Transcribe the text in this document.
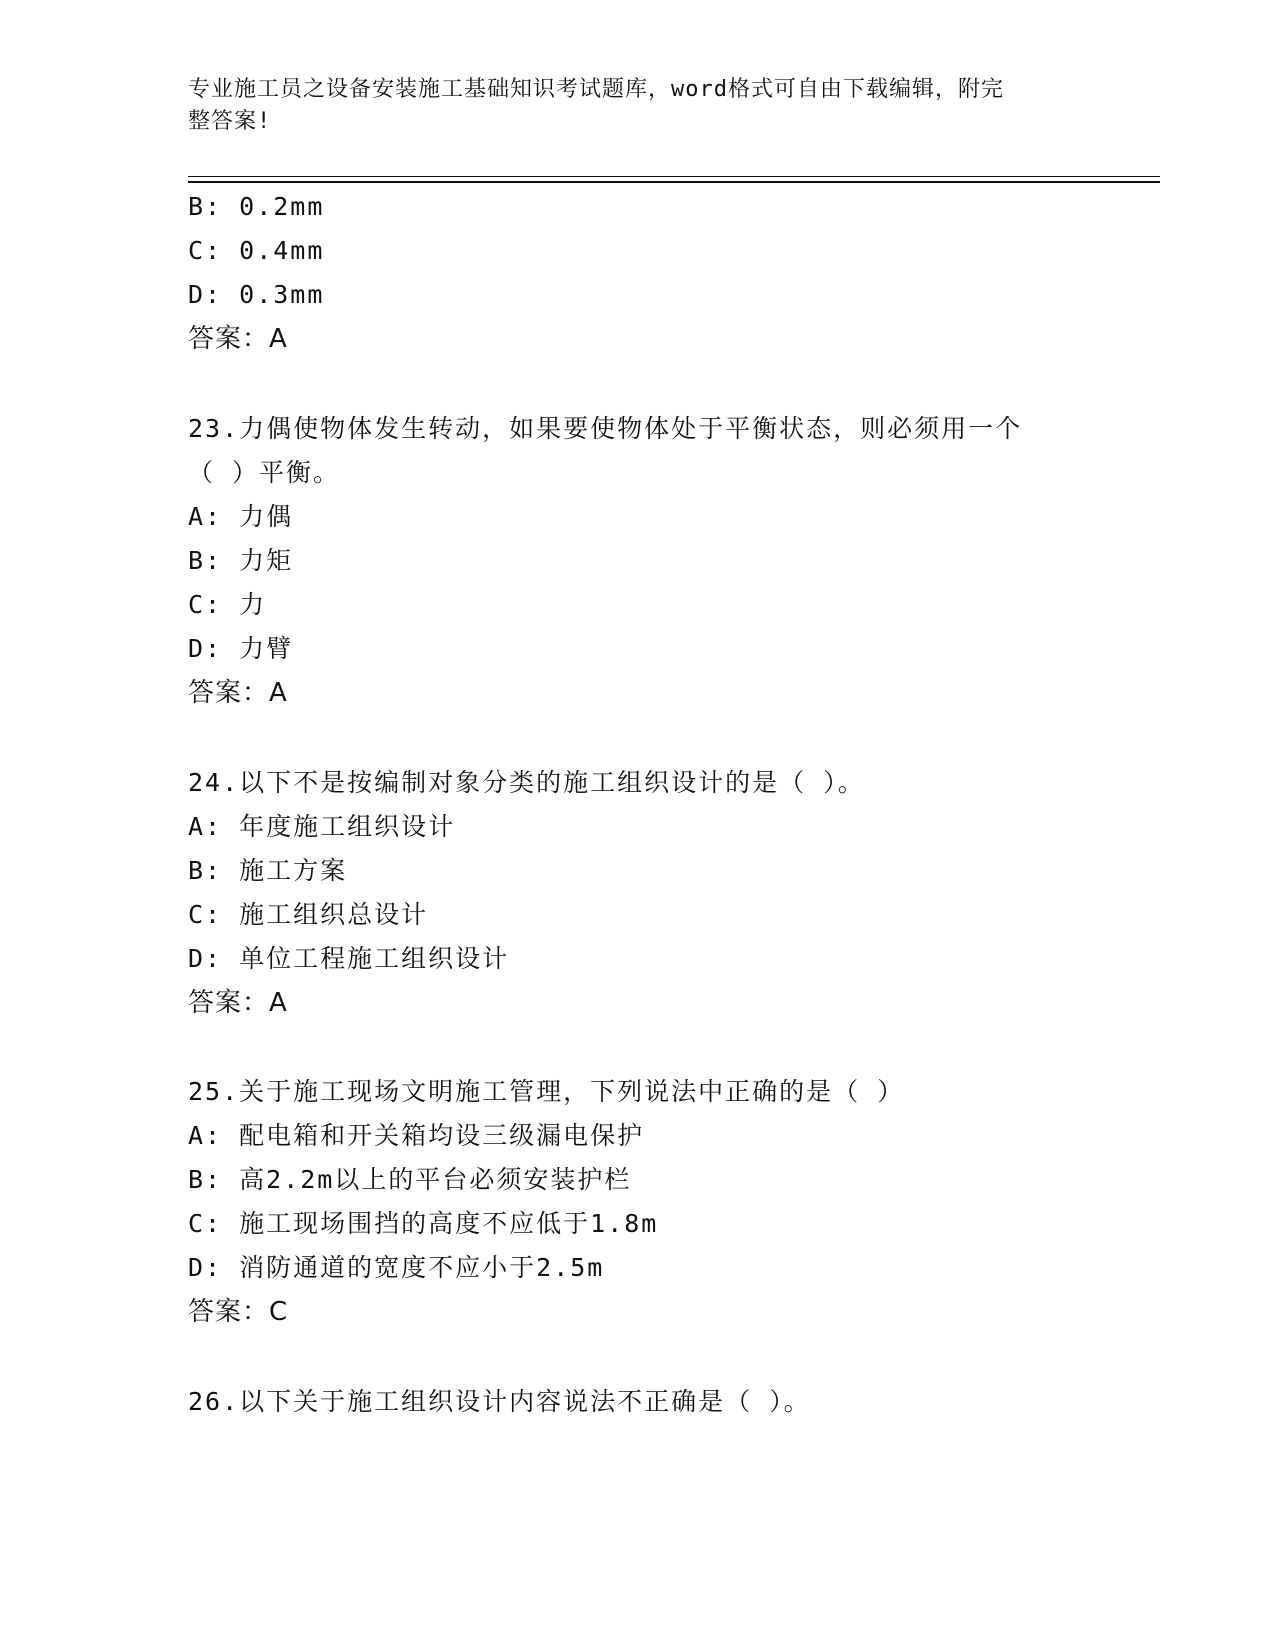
专业施工员之设备安装施工基础知识考试题库，word格式可自由下载编辑，附完
整答案!
B: 0.2mm
C: 0.4mm
D: 0.3mm
答案：A
23.力偶使物体发生转动，如果要使物体处于平衡状态，则必须用一个
（ ）平衡。
A: 力偶
B: 力矩
C: 力
D: 力臂
答案：A
24.以下不是按编制对象分类的施工组织设计的是（ ）。
A: 年度施工组织设计
B: 施工方案
C: 施工组织总设计
D: 单位工程施工组织设计
答案：A
25.关于施工现场文明施工管理，下列说法中正确的是（ ）
A: 配电箱和开关箱均设三级漏电保护
B: 高2.2m以上的平台必须安装护栏
C: 施工现场围挡的高度不应低于1.8m
D: 消防通道的宽度不应小于2.5m
答案：C
26.以下关于施工组织设计内容说法不正确是（ ）。
